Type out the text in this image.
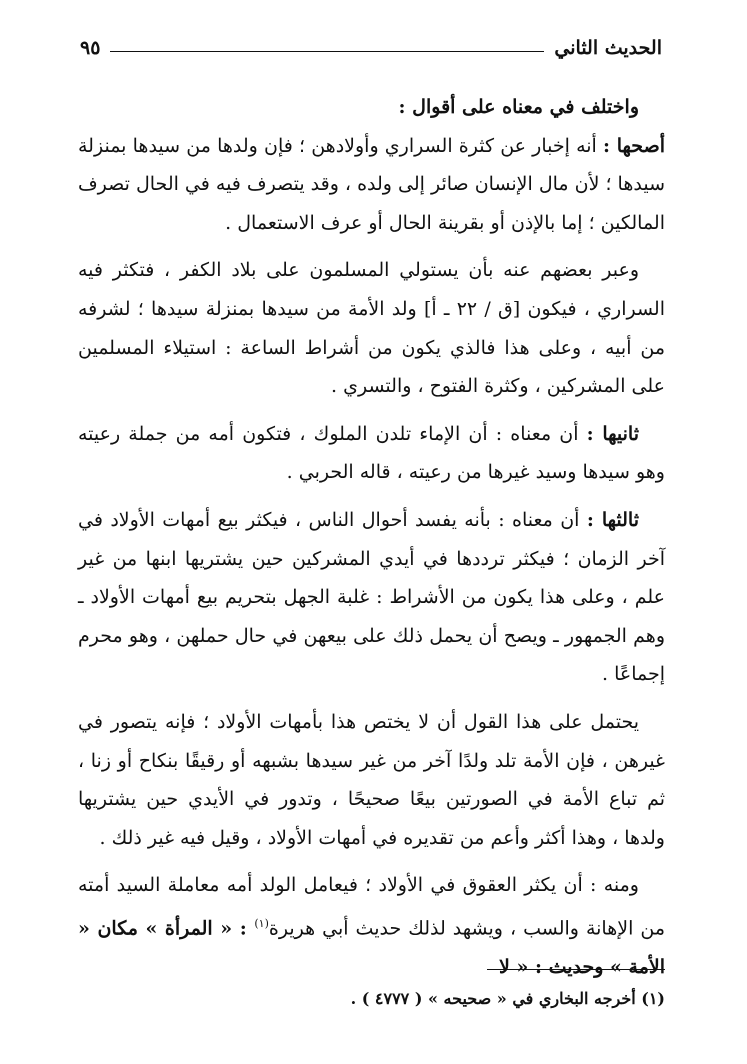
الحديث الثاني
٩٥

واختلف في معناه على أقوال :

أصحها : أنه إخبار عن كثرة السراري وأولادهن ؛ فإن ولدها من سيدها بمنزلة سيدها ؛ لأن مال الإنسان صائر إلى ولده ، وقد يتصرف فيه في الحال تصرف المالكين ؛ إما بالإذن أو بقرينة الحال أو عرف الاستعمال .

وعبر بعضهم عنه بأن يستولي المسلمون على بلاد الكفر ، فتكثر فيه السراري ، فيكون [ق / ٢٢ ـ أ] ولد الأمة من سيدها بمنزلة سيدها ؛ لشرفه من أبيه ، وعلى هذا فالذي يكون من أشراط الساعة : استيلاء المسلمين على المشركين ، وكثرة الفتوح ، والتسري .

ثانيها : أن معناه : أن الإماء تلدن الملوك ، فتكون أمه من جملة رعيته وهو سيدها وسيد غيرها من رعيته ، قاله الحربي .

ثالثها : أن معناه : بأنه يفسد أحوال الناس ، فيكثر بيع أمهات الأولاد في آخر الزمان ؛ فيكثر ترددها في أيدي المشركين حين يشتريها ابنها من غير علم ، وعلى هذا يكون من الأشراط : غلبة الجهل بتحريم بيع أمهات الأولاد ـ وهم الجمهور ـ ويصح أن يحمل ذلك على بيعهن في حال حملهن ، وهو محرم إجماعًا .

يحتمل على هذا القول أن لا يختص هذا بأمهات الأولاد ؛ فإنه يتصور في غيرهن ، فإن الأمة تلد ولدًا آخر من غير سيدها بشبهه أو رقيقًا بنكاح أو زنا ، ثم تباع الأمة في الصورتين بيعًا صحيحًا ، وتدور في الأيدي حين يشتريها ولدها ، وهذا أكثر وأعم من تقديره في أمهات الأولاد ، وقيل فيه غير ذلك .

ومنه : أن يكثر العقوق في الأولاد ؛ فيعامل الولد أمه معاملة السيد أمته من الإهانة والسب ، ويشهد لذلك حديث أبي هريرة$^{(١)}$ : « المرأة » مكان « الأمة » وحديث : « لا

(١) أخرجه البخاري في « صحيحه » ( ٤٧٧٧ ) .
